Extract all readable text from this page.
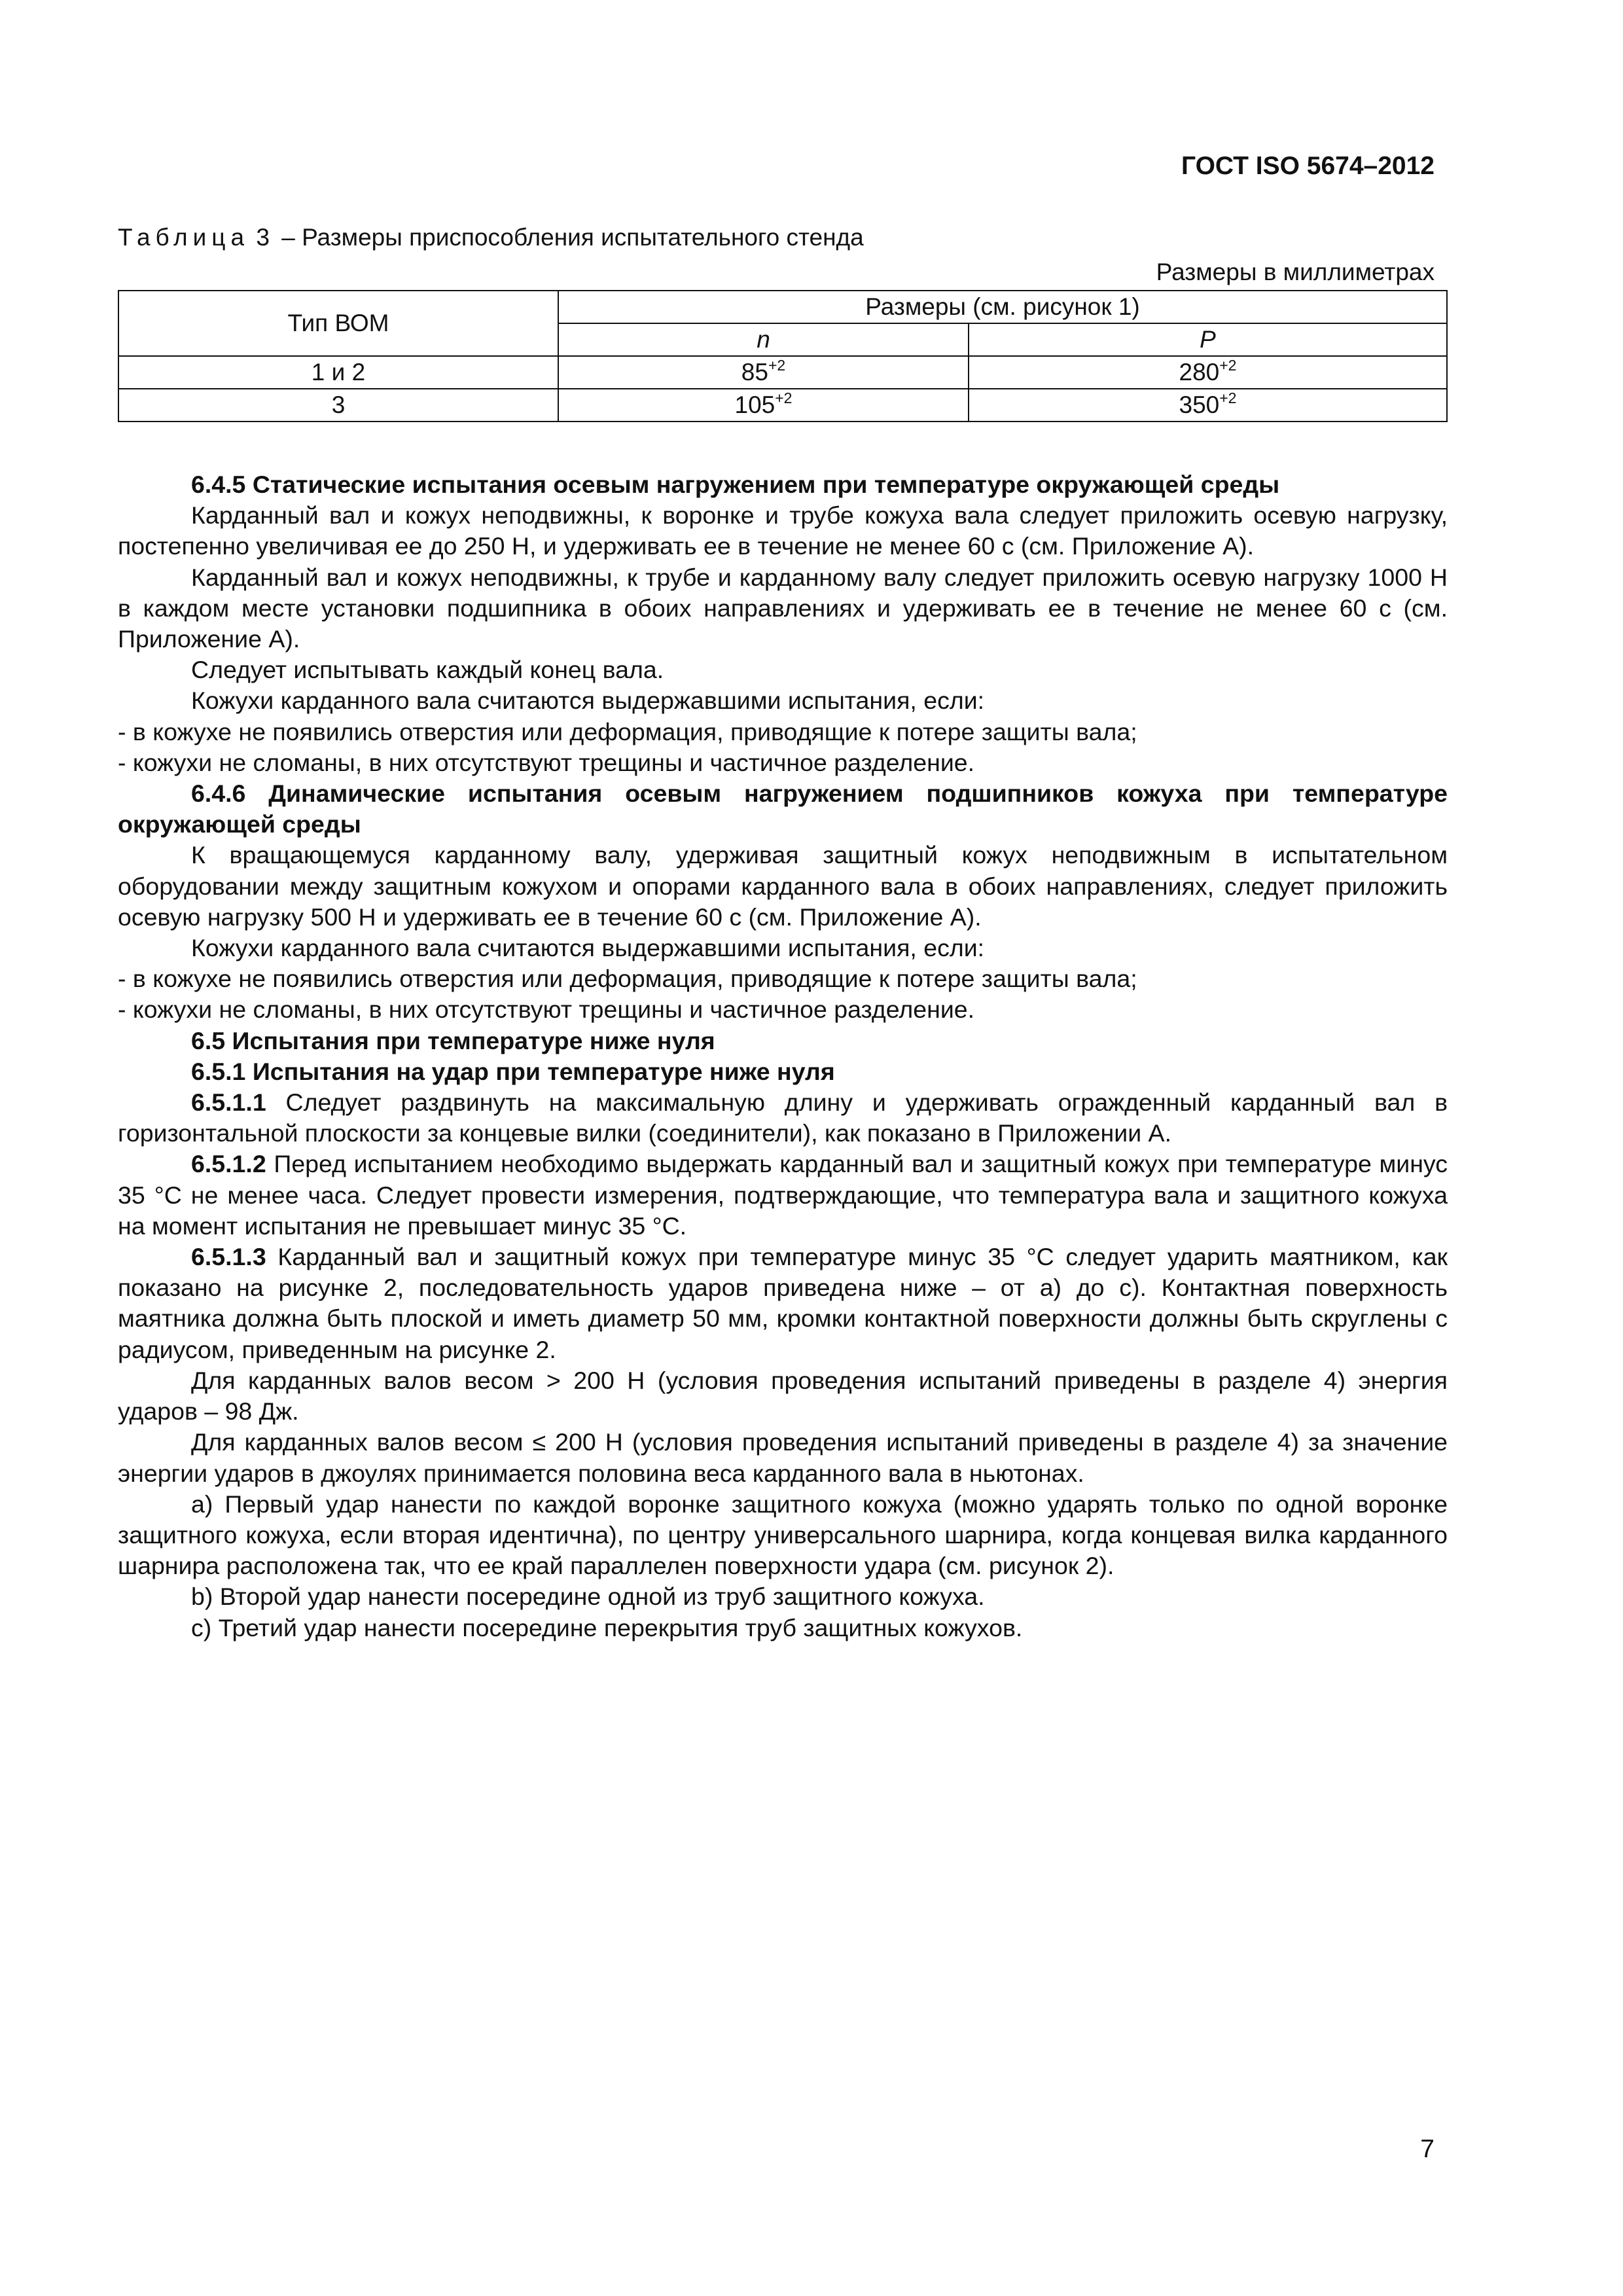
ГОСТ ISO 5674–2012
Таблица 3 – Размеры приспособления испытательного стенда
Размеры в миллиметрах
Тип ВОМ	Размеры (см. рисунок 1)	
	n	P
1 и 2	$85^{+2}$	$280^{+2}$
3	$105^{+2}$	$350^{+2}$

6.4.5 Статические испытания осевым нагружением при температуре окружающей среды

Карданный вал и кожух неподвижны, к воронке и трубе кожуха вала следует приложить осевую нагрузку, постепенно увеличивая ее до 250 Н, и удерживать ее в течение не менее 60 с (см. Приложение А).

Карданный вал и кожух неподвижны, к трубе и карданному валу следует приложить осевую нагрузку 1000 Н в каждом месте установки подшипника в обоих направлениях и удерживать ее в течение не менее 60 с (см. Приложение А).

Следует испытывать каждый конец вала.

Кожухи карданного вала считаются выдержавшими испытания, если:

- в кожухе не появились отверстия или деформация, приводящие к потере защиты вала;

- кожухи не сломаны, в них отсутствуют трещины и частичное разделение.

6.4.6 Динамические испытания осевым нагружением подшипников кожуха при температуре окружающей среды

К вращающемуся карданному валу, удерживая защитный кожух неподвижным в испытательном оборудовании между защитным кожухом и опорами карданного вала в обоих направлениях, следует приложить осевую нагрузку 500 Н и удерживать ее в течение 60 с (см. Приложение А).

Кожухи карданного вала считаются выдержавшими испытания, если:

- в кожухе не появились отверстия или деформация, приводящие к потере защиты вала;

- кожухи не сломаны, в них отсутствуют трещины и частичное разделение.

6.5 Испытания при температуре ниже нуля

6.5.1 Испытания на удар при температуре ниже нуля

6.5.1.1 Следует раздвинуть на максимальную длину и удерживать огражденный карданный вал в горизонтальной плоскости за концевые вилки (соединители), как показано в Приложении А.

6.5.1.2 Перед испытанием необходимо выдержать карданный вал и защитный кожух при температуре минус 35 °С не менее часа. Следует провести измерения, подтверждающие, что температура вала и защитного кожуха на момент испытания не превышает минус 35 °С.

6.5.1.3 Карданный вал и защитный кожух при температуре минус 35 °С следует ударить маятником, как показано на рисунке 2, последовательность ударов приведена ниже – от а) до с). Контактная поверхность маятника должна быть плоской и иметь диаметр 50 мм, кромки контактной поверхности должны быть скруглены с радиусом, приведенным на рисунке 2.

Для карданных валов весом > 200 Н (условия проведения испытаний приведены в разделе 4) энергия ударов – 98 Дж.

Для карданных валов весом ≤ 200 Н (условия проведения испытаний приведены в разделе 4) за значение энергии ударов в джоулях принимается половина веса карданного вала в ньютонах.

а) Первый удар нанести по каждой воронке защитного кожуха (можно ударять только по одной воронке защитного кожуха, если вторая идентична), по центру универсального шарнира, когда концевая вилка карданного шарнира расположена так, что ее край параллелен поверхности удара (см. рисунок 2).

b) Второй удар нанести посередине одной из труб защитного кожуха.

c) Третий удар нанести посередине перекрытия труб защитных кожухов.

7
